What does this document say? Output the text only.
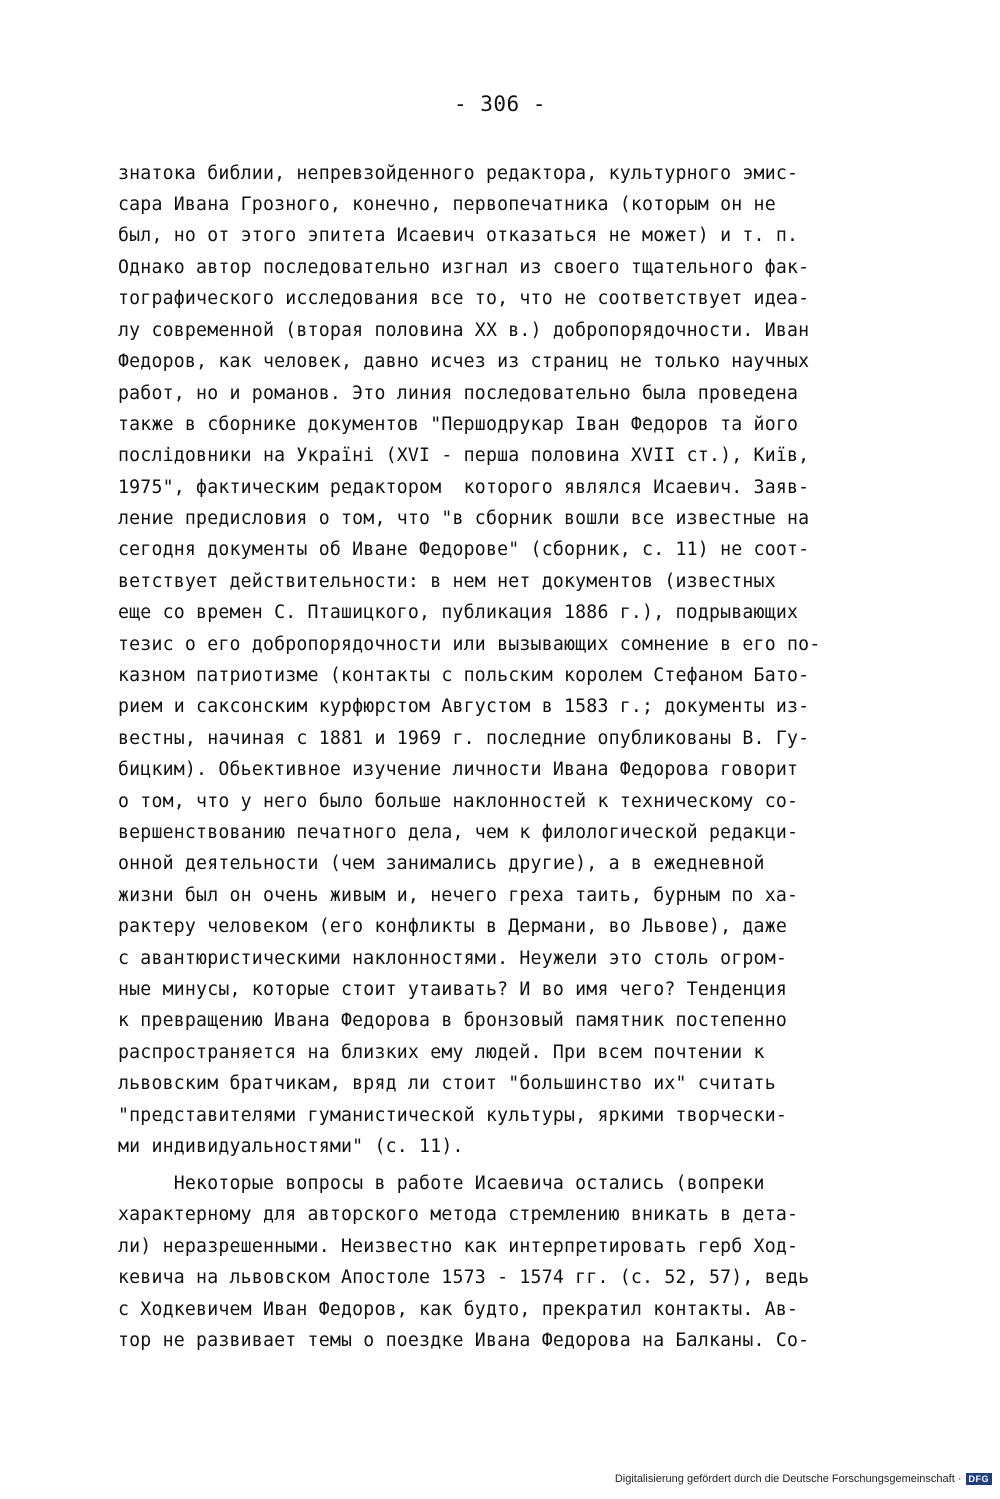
- 306 -
знатока библии, непревзойденного редактора, культурного эмис-
сара Ивана Грозного, конечно, первопечатника (которым он не
был, но от этого эпитета Исаевич отказаться не может) и т. п.
Однако автор последовательно изгнал из своего тщательного фак-
тографического исследования все то, что не соответствует идеа-
лу современной (вторая половина XX в.) добропорядочности. Иван
Федоров, как человек, давно исчез из страниц не только научных
работ, но и романов. Это линия последовательно была проведена
также в сборнике документов "Першодрукар Іван Федоров та його
послідовники на Україні (XVI - перша половина XVII ст.), Київ,
1975", фактическим редактором  которого являлся Исаевич. Заяв-
ление предисловия о том, что "в сборник вошли все известные на
сегодня документы об Иване Федорове" (сборник, с. 11) не соот-
ветствует действительности: в нем нет документов (известных
еще со времен С. Пташицкого, публикация 1886 г.), подрывающих
тезис о его добропорядочности или вызывающих сомнение в его по-
казном патриотизме (контакты с польским королем Стефаном Бато-
рием и саксонским курфюрстом Августом в 1583 г.; документы из-
вестны, начиная с 1881 и 1969 г. последние опубликованы В. Гу-
бицким). Обьективное изучение личности Ивана Федорова говорит
о том, что у него было больше наклонностей к техническому со-
вершенствованию печатного дела, чем к филологической редакци-
онной деятельности (чем занимались другие), а в ежедневной
жизни был он очень живым и, нечего греха таить, бурным по ха-
рактеру человеком (его конфликты в Дермани, во Львове), даже
с авантюристическими наклонностями. Неужели это столь огром-
ные минусы, которые стоит утаивать? И во имя чего? Тенденция
к превращению Ивана Федорова в бронзовый памятник постепенно
распространяется на близких ему людей. При всем почтении к
львовским братчикам, вряд ли стоит "большинство их" считать
"представителями гуманистической культуры, яркими творчески-
ми индивидуальностями" (с. 11).
Некоторые вопросы в работе Исаевича остались (вопреки
характерному для авторского метода стремлению вникать в дета-
ли) неразрешенными. Неизвестно как интерпретировать герб Ход-
кевича на львовском Апостоле 1573 - 1574 гг. (с. 52, 57), ведь
с Ходкевичем Иван Федоров, как будто, прекратил контакты. Ав-
тор не развивает темы о поездке Ивана Федорова на Балканы. Со-
Digitalisierung gefördert durch die Deutsche Forschungsgemeinschaft · DFG
